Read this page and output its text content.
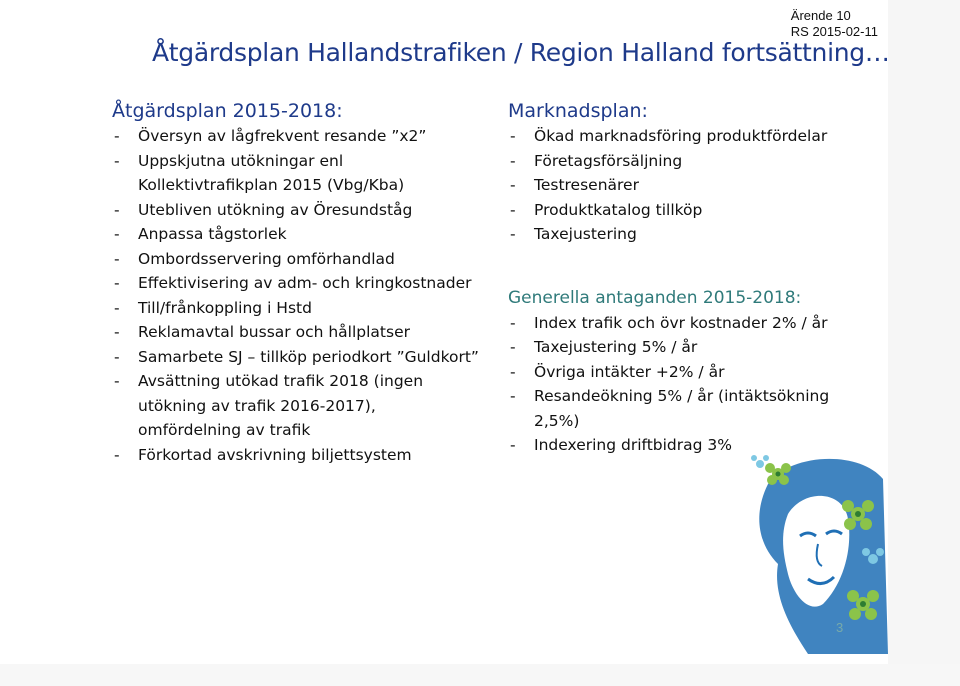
Ärende 10
RS 2015-02-11
Åtgärdsplan Hallandstrafiken / Region Halland fortsättning…
Åtgärdsplan 2015-2018:
- Översyn av lågfrekvent resande ”x2”
- Uppskjutna utökningar enl Kollektivtrafikplan 2015 (Vbg/Kba)
- Utebliven utökning av Öresundståg
- Anpassa tågstorlek
- Ombordsservering omförhandlad
- Effektivisering av adm- och kringkostnader
- Till/frånkoppling i Hstd
- Reklamavtal bussar och hållplatser
- Samarbete SJ – tillköp periodkort ”Guldkort”
- Avsättning utökad trafik 2018 (ingen utökning av trafik 2016-2017), omfördelning av trafik
- Förkortad avskrivning biljettsystem
Marknadsplan:
- Ökad marknadsföring produktfördelar
- Företagsförsäljning
- Testresenärer
- Produktkatalog tillköp
- Taxejustering
Generella antaganden 2015-2018:
- Index trafik och övr kostnader 2% / år
- Taxejustering 5% / år
- Övriga intäkter +2% / år
- Resandeökning 5% / år (intäktsökning 2,5%)
- Indexering driftbidrag 3%
3
